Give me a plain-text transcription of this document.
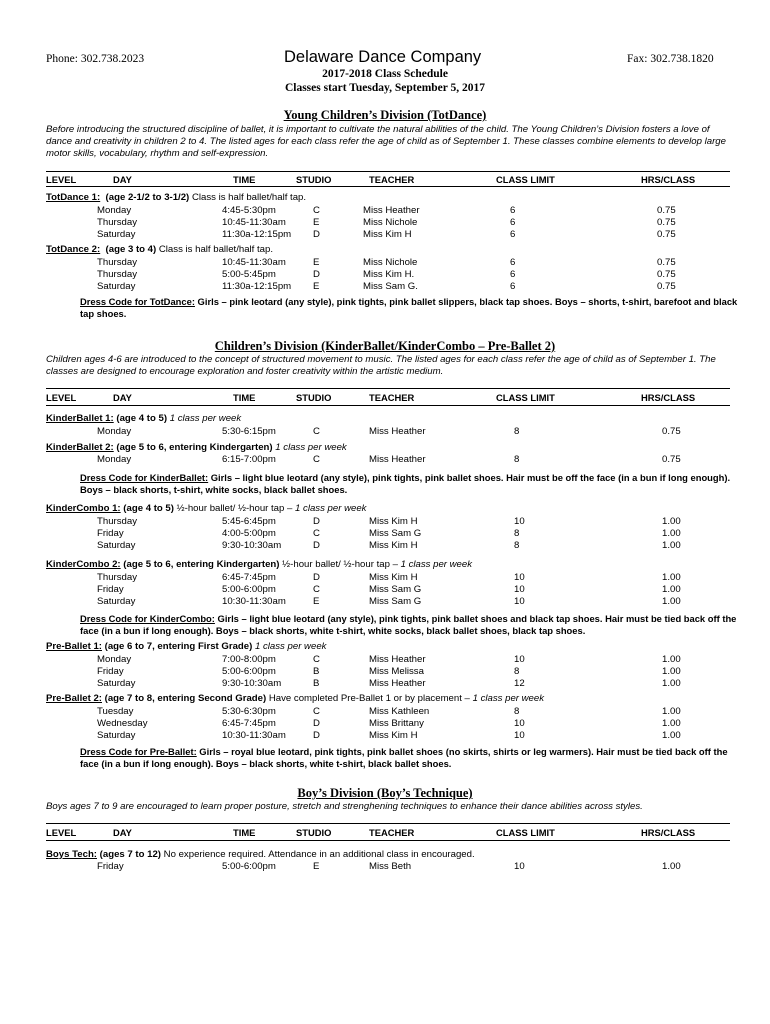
Phone: 302.738.2023	Delaware Dance Company	Fax: 302.738.1820
2017-2018 Class Schedule
Classes start Tuesday, September 5, 2017
Young Children’s Division (TotDance)
Before introducing the structured discipline of ballet, it is important to cultivate the natural abilities of the child. The Young Children’s Division fosters a love of dance and creativity in children 2 to 4. The listed ages for each class refer the age of child as of September 1. These classes combine elements to develop large motor skills, vocabulary, rhythm and self-expression.
LEVEL	DAY	TIME	STUDIO	TEACHER	CLASS LIMIT	HRS/CLASS
TotDance 1: (age 2-1/2 to 3-1/2) Class is half ballet/half tap.
Monday	4:45-5:30pm	C	Miss Heather	6	0.75
Thursday	10:45-11:30am	E	Miss Nichole	6	0.75
Saturday	11:30a-12:15pm D	Miss Kim H	6	0.75
TotDance 2: (age 3 to 4) Class is half ballet/half tap.
Thursday	10:45-11:30am	E	Miss Nichole	6	0.75
Thursday	5:00-5:45pm	D	Miss Kim H.	6	0.75
Saturday	11:30a-12:15pm E	Miss Sam G.	6	0.75
Dress Code for TotDance: Girls – pink leotard (any style), pink tights, pink ballet slippers, black tap shoes. Boys – shorts, t-shirt, barefoot and black tap shoes.
Children’s Division (KinderBallet/KinderCombo – Pre-Ballet 2)
Children ages 4-6 are introduced to the concept of structured movement to music. The listed ages for each class refer the age of child as of September 1. The classes are designed to encourage exploration and foster creativity within the artistic medium.
LEVEL	DAY	TIME	STUDIO	TEACHER	CLASS LIMIT	HRS/CLASS
KinderBallet 1: (age 4 to 5) 1 class per week
Monday	5:30-6:15pm	C	Miss Heather	8	0.75
KinderBallet 2: (age 5 to 6, entering Kindergarten) 1 class per week
Monday	6:15-7:00pm	C	Miss Heather	8	0.75
Dress Code for KinderBallet: Girls – light blue leotard (any style), pink tights, pink ballet shoes. Hair must be off the face (in a bun if long enough). Boys – black shorts, t-shirt, white socks, black ballet shoes.
KinderCombo 1: (age 4 to 5) ½-hour ballet/ ½-hour tap – 1 class per week
Thursday	5:45-6:45pm	D	Miss Kim H	10	1.00
Friday	4:00-5:00pm	C	Miss Sam G	8	1.00
Saturday	9:30-10:30am	D	Miss Kim H	8	1.00
KinderCombo 2: (age 5 to 6, entering Kindergarten) ½-hour ballet/ ½-hour tap – 1 class per week
Thursday	6:45-7:45pm	D	Miss Kim H	10	1.00
Friday	5:00-6:00pm	C	Miss Sam G	10	1.00
Saturday	10:30-11:30am	E	Miss Sam G	10	1.00
Dress Code for KinderCombo: Girls – light blue leotard (any style), pink tights, pink ballet shoes and black tap shoes. Hair must be tied back off the face (in a bun if long enough). Boys – black shorts, white t-shirt, white socks, black ballet shoes, black tap shoes.
Pre-Ballet 1: (age 6 to 7, entering First Grade) 1 class per week
Monday	7:00-8:00pm	C	Miss Heather	10	1.00
Friday	5:00-6:00pm	B	Miss Melissa	8	1.00
Saturday	9:30-10:30am	B	Miss Heather	12	1.00
Pre-Ballet 2: (age 7 to 8, entering Second Grade) Have completed Pre-Ballet 1 or by placement – 1 class per week
Tuesday	5:30-6:30pm	C	Miss Kathleen	8	1.00
Wednesday	6:45-7:45pm	D	Miss Brittany	10	1.00
Saturday	10:30-11:30am	D	Miss Kim H	10	1.00
Dress Code for Pre-Ballet: Girls – royal blue leotard, pink tights, pink ballet shoes (no skirts, shirts or leg warmers). Hair must be tied back off the face (in a bun if long enough). Boys – black shorts, white t-shirt, black ballet shoes.
Boy’s Division (Boy’s Technique)
Boys ages 7 to 9 are encouraged to learn proper posture, stretch and strenghening techniques to enhance their dance abilities across styles.
LEVEL	DAY	TIME	STUDIO	TEACHER	CLASS LIMIT	HRS/CLASS
Boys Tech: (ages 7 to 12) No experience required. Attendance in an additional class in encouraged.
Friday	5:00-6:00pm	E	Miss Beth	10	1.00
